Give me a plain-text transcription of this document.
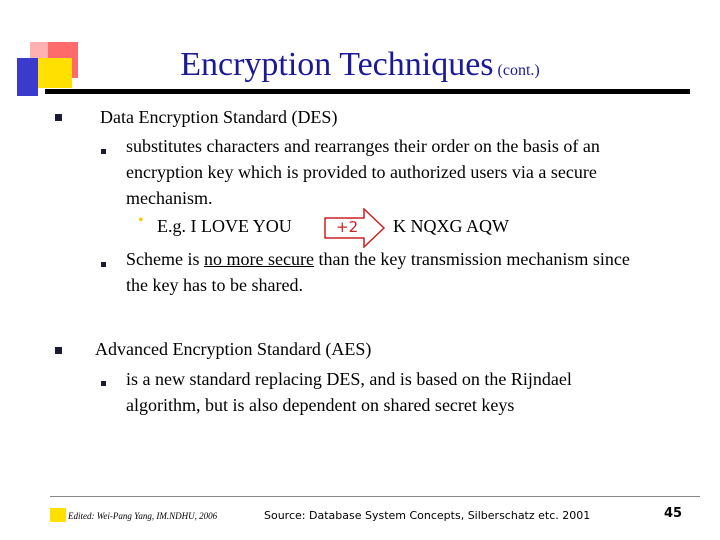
Encryption Techniques (cont.)
Data Encryption Standard (DES)
substitutes characters and rearranges their order on the basis of an
encryption key which is provided to authorized users via a secure
mechanism.
• E.g. I LOVE YOU	+2 K NQXG AQW
Scheme is no more secure than the key transmission mechanism since
the key has to be shared.
Advanced Encryption Standard (AES)
is a new standard replacing DES, and is based on the Rijndael
algorithm, but is also dependent on shared secret keys
Edited: Wei-Pang Yang, IM.NDHU, 2006	Source: Database System Concepts, Silberschatz etc. 2001	45
